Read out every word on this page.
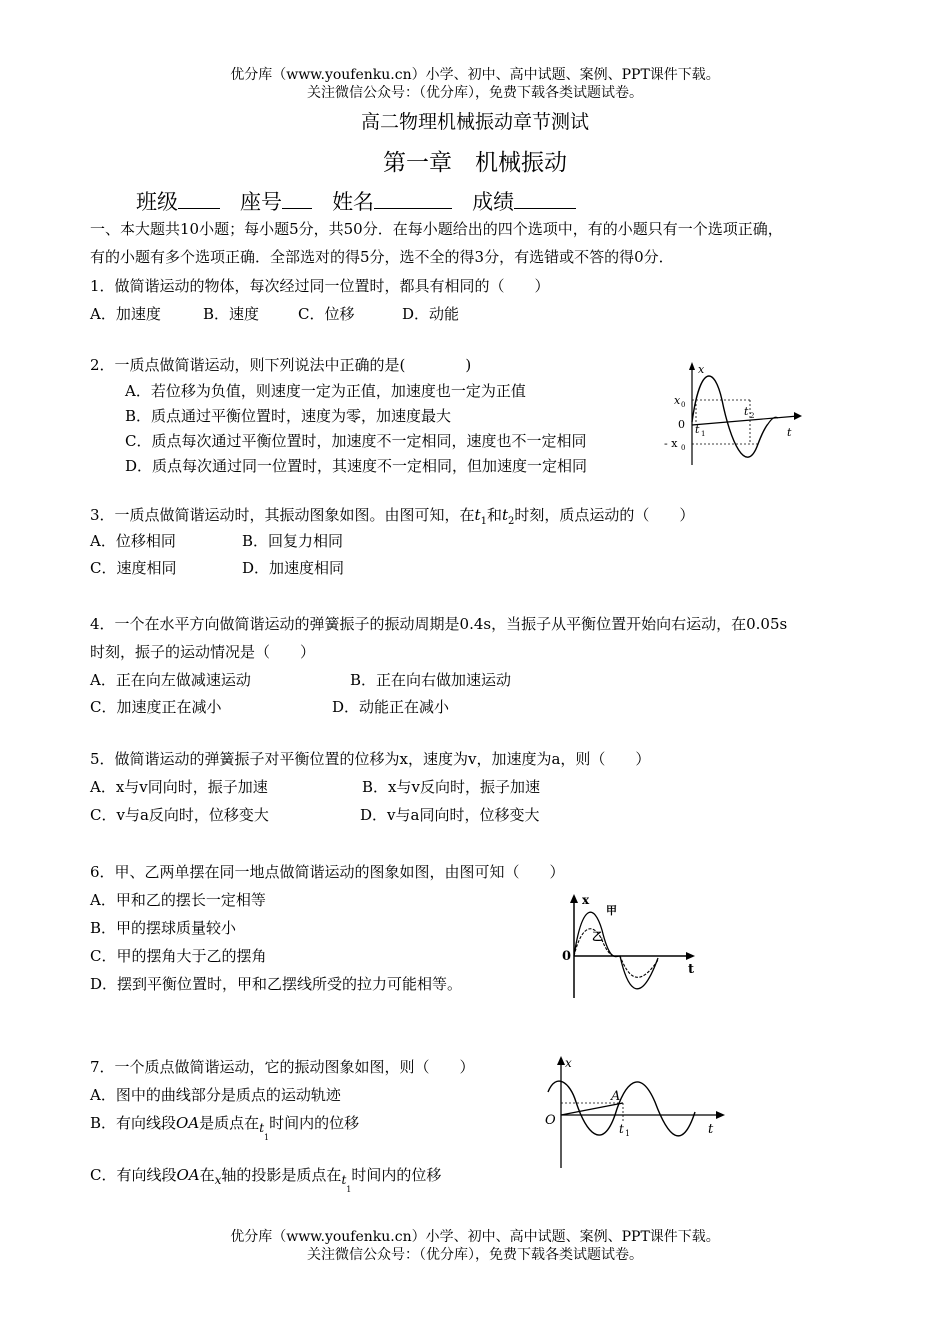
优分库（www.youfenku.cn）小学、初中、高中试题、案例、PPT课件下载。
关注微信公众号：（优分库），免费下载各类试题试卷。
高二物理机械振动章节测试
第一章　机械振动
班级	座号 姓名	成绩
一、本大题共10小题；每小题5分，共50分．在每小题给出的四个选项中，有的小题只有一个选项正确，
有的小题有多个选项正确．全部选对的得5分，选不全的得3分，有选错或不答的得0分．
1．做简谐运动的物体，每次经过同一位置时，都具有相同的（　　）
A．加速度	B．速度	C．位移	D．动能
2．一质点做简谐运动，则下列说法中正确的是(　　　　)
A．若位移为负值，则速度一定为正值，加速度也一定为正值
B．质点通过平衡位置时，速度为零，加速度最大
C．质点每次通过平衡位置时，加速度不一定相同，速度也不一定相同
D．质点每次通过同一位置时，其速度不一定相同，但加速度一定相同
x
x 0
0
- x 0
t 1
t 2
t
3．一质点做简谐运动时，其振动图象如图。由图可知，在$t_1$和$t_2$时刻，质点运动的（　　）
A．位移相同	B．回复力相同
C．速度相同	D．加速度相同
4．一个在水平方向做简谐运动的弹簧振子的振动周期是0.4s，当振子从平衡位置开始向右运动，在0.05s
时刻，振子的运动情况是（　　）
A．正在向左做减速运动	B．正在向右做加速运动
C．加速度正在减小	D．动能正在减小
5．做简谐运动的弹簧振子对平衡位置的位移为x，速度为v，加速度为a，则（　　）
A．x与v同向时，振子加速	B．x与v反向时，振子加速
C．v与a反向时，位移变大	D．v与a同向时，位移变大
6．甲、乙两单摆在同一地点做简谐运动的图象如图，由图可知（　　）
A．甲和乙的摆长一定相等
B．甲的摆球质量较小
C．甲的摆角大于乙的摆角
D．摆到平衡位置时，甲和乙摆线所受的拉力可能相等。
x
甲
乙
0
t
7．一个质点做简谐运动，它的振动图象如图，则（　　）
A．图中的曲线部分是质点的运动轨迹
B．有向线段OA是质点在$_{t1}$时间内的位移
C．有向线段OA在$_x$轴的投影是质点在$_{t1}$时间内的位移
x
A
O
t 1	t
优分库（www.youfenku.cn）小学、初中、高中试题、案例、PPT课件下载。
关注微信公众号：（优分库），免费下载各类试题试卷。
